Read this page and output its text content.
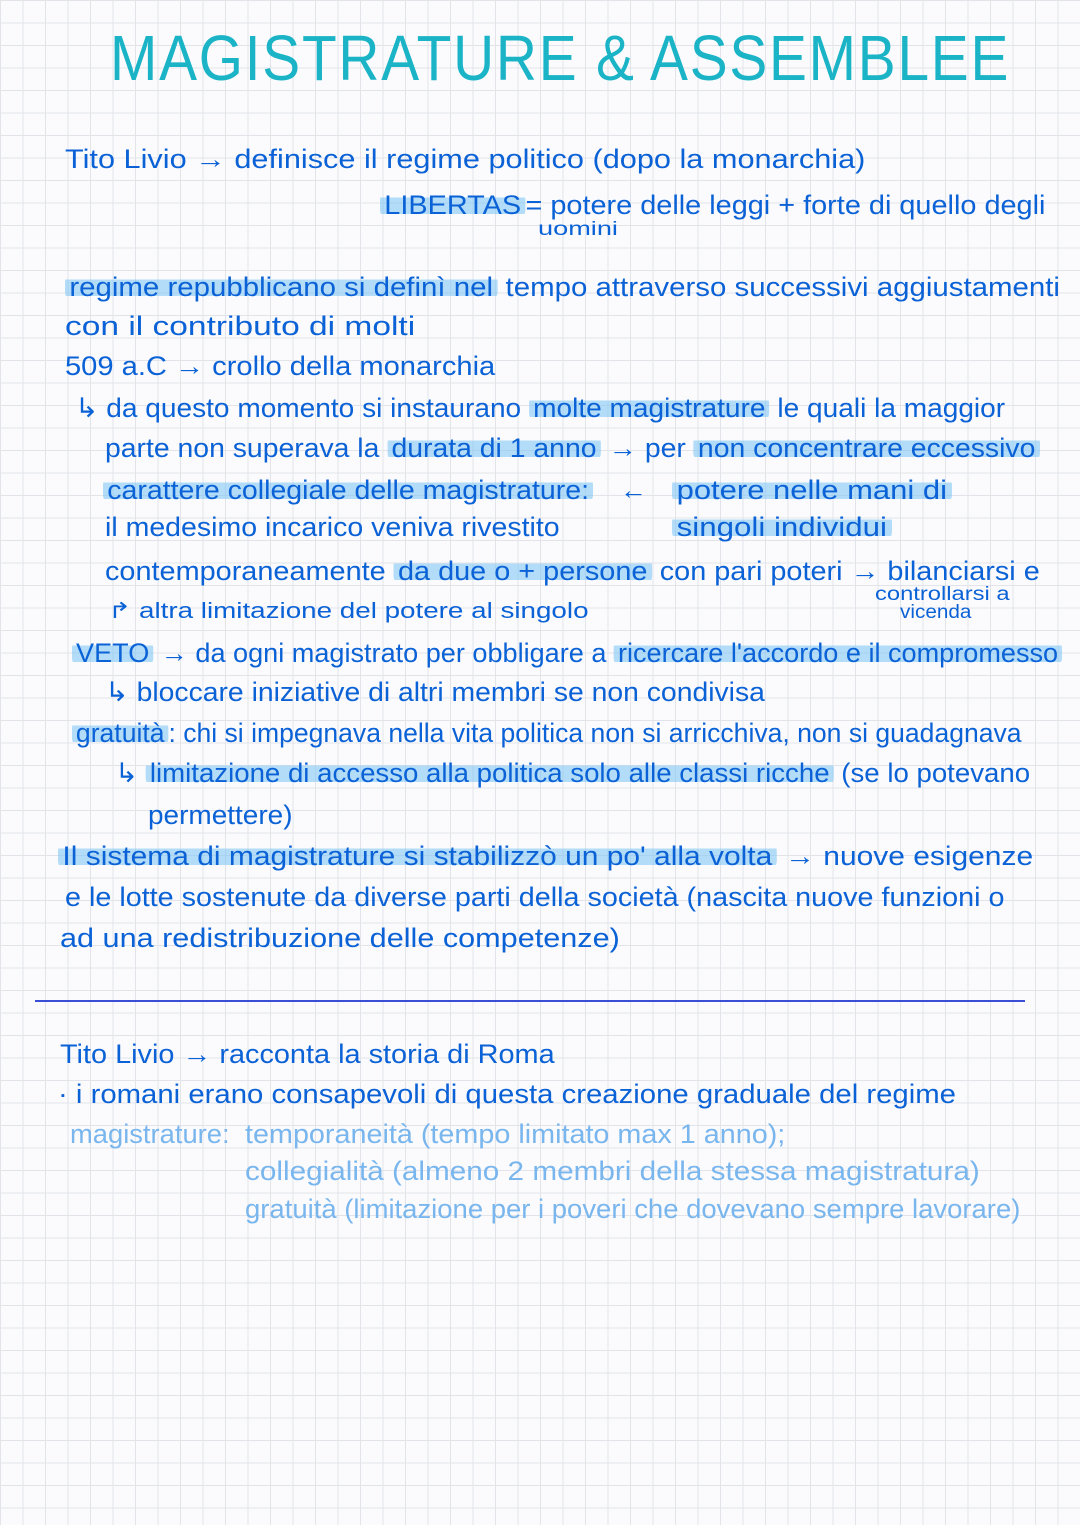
MAGISTRATURE & ASSEMBLEE
Tito Livio → definisce il regime politico (dopo la monarchia)
LIBERTAS = potere delle leggi + forte di quello degli
uomini
regime repubblicano si definì nel tempo attraverso successivi aggiustamenti
con il contributo di molti
509 a.C → crollo della monarchia
↳ da questo momento si instaurano molte magistrature le quali la maggior
parte non superava la durata di 1 anno → per non concentrare eccessivo
carattere collegiale delle magistrature: ← potere nelle mani di
il medesimo incarico veniva rivestito	singoli individui
contemporaneamente da due o + persone con pari poteri → bilanciarsi e
↱ altra limitazione del potere al singolo
controllarsi a
vicenda
VETO → da ogni magistrato per obbligare a ricercare l'accordo e il compromesso
↳ bloccare iniziative di altri membri se non condivisa
gratuità : chi si impegnava nella vita politica non si arricchiva, non si guadagnava
↳ limitazione di accesso alla politica solo alle classi ricche (se lo potevano
permettere)
Il sistema di magistrature si stabilizzò un po' alla volta → nuove esigenze
e le lotte sostenute da diverse parti della società (nascita nuove funzioni o
ad una redistribuzione delle competenze)
Tito Livio → racconta la storia di Roma
· i romani erano consapevoli di questa creazione graduale del regime
magistrature: temporaneità (tempo limitato max 1 anno);
collegialità (almeno 2 membri della stessa magistratura)
gratuità (limitazione per i poveri che dovevano sempre lavorare)
